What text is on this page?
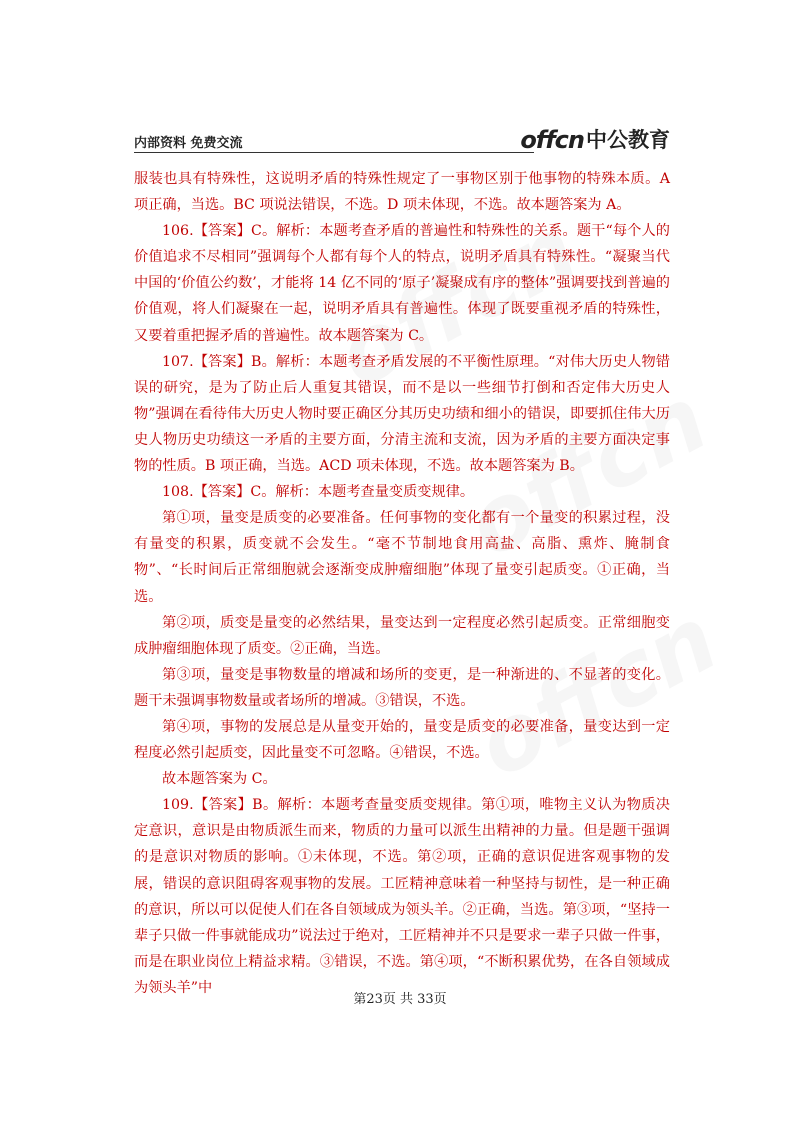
内部资料 免费交流	offcn 中公教育

服装也具有特殊性，这说明矛盾的特殊性规定了一事物区别于他事物的特殊本质。A 项正确，当选。BC 项说法错误，不选。D 项未体现，不选。故本题答案为 A。

106.【答案】C。解析：本题考查矛盾的普遍性和特殊性的关系。题干“每个人的价值追求不尽相同”强调每个人都有每个人的特点，说明矛盾具有特殊性。“凝聚当代中国的‘价值公约数’，才能将 14 亿不同的‘原子’凝聚成有序的整体”强调要找到普遍的价值观，将人们凝聚在一起，说明矛盾具有普遍性。体现了既要重视矛盾的特殊性，又要着重把握矛盾的普遍性。故本题答案为 C。

107.【答案】B。解析：本题考查矛盾发展的不平衡性原理。“对伟大历史人物错误的研究，是为了防止后人重复其错误，而不是以一些细节打倒和否定伟大历史人物”强调在看待伟大历史人物时要正确区分其历史功绩和细小的错误，即要抓住伟大历史人物历史功绩这一矛盾的主要方面，分清主流和支流，因为矛盾的主要方面决定事物的性质。B 项正确，当选。ACD 项未体现，不选。故本题答案为 B。

108.【答案】C。解析：本题考查量变质变规律。

第①项，量变是质变的必要准备。任何事物的变化都有一个量变的积累过程，没有量变的积累，质变就不会发生。“毫不节制地食用高盐、高脂、熏炸、腌制食物”、“长时间后正常细胞就会逐渐变成肿瘤细胞”体现了量变引起质变。①正确，当选。

第②项，质变是量变的必然结果，量变达到一定程度必然引起质变。正常细胞变成肿瘤细胞体现了质变。②正确，当选。

第③项，量变是事物数量的增减和场所的变更，是一种渐进的、不显著的变化。题干未强调事物数量或者场所的增减。③错误，不选。

第④项，事物的发展总是从量变开始的，量变是质变的必要准备，量变达到一定程度必然引起质变，因此量变不可忽略。④错误，不选。

故本题答案为 C。

109.【答案】B。解析：本题考查量变质变规律。第①项，唯物主义认为物质决定意识，意识是由物质派生而来，物质的力量可以派生出精神的力量。但是题干强调的是意识对物质的影响。①未体现，不选。第②项，正确的意识促进客观事物的发展，错误的意识阻碍客观事物的发展。工匠精神意味着一种坚持与韧性，是一种正确的意识，所以可以促使人们在各自领域成为领头羊。②正确，当选。第③项，“坚持一辈子只做一件事就能成功”说法过于绝对，工匠精神并不只是要求一辈子只做一件事，而是在职业岗位上精益求精。③错误，不选。第④项，“不断积累优势，在各自领域成为领头羊”中

第23页 共 33页
